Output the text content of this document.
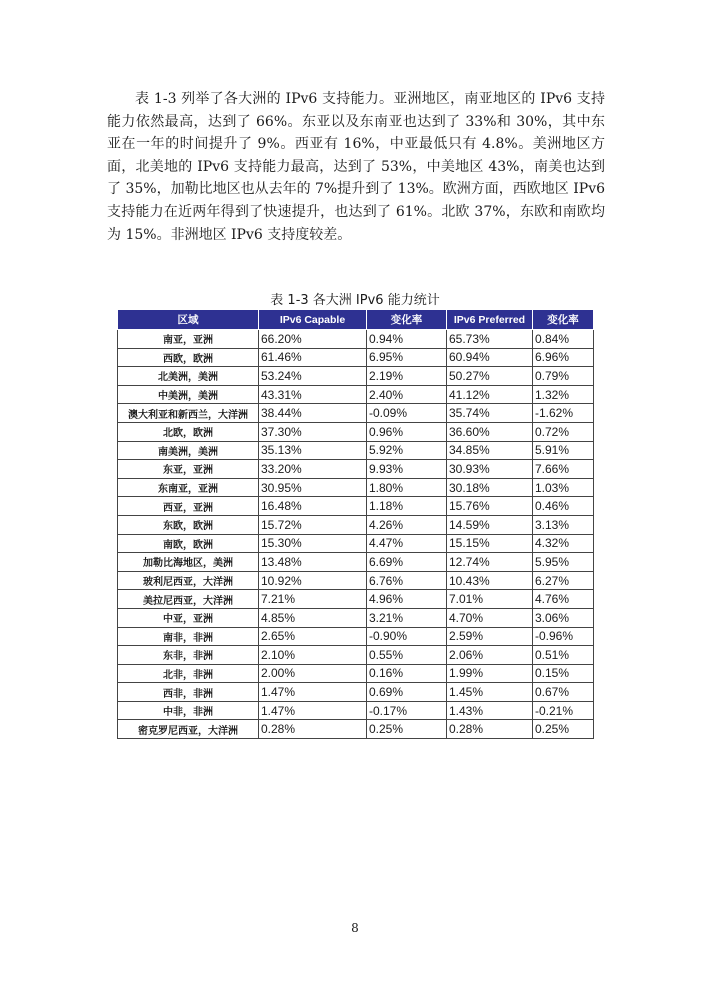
表 1-3 列举了各大洲的 IPv6 支持能力。亚洲地区，南亚地区的 IPv6 支持能力依然最高，达到了 66%。东亚以及东南亚也达到了 33%和 30%，其中东亚在一年的时间提升了 9%。西亚有 16%，中亚最低只有 4.8%。美洲地区方面，北美地的 IPv6 支持能力最高，达到了 53%，中美地区 43%，南美也达到了 35%，加勒比地区也从去年的 7%提升到了 13%。欧洲方面，西欧地区 IPv6 支持能力在近两年得到了快速提升，也达到了 61%。北欧 37%，东欧和南欧均为 15%。非洲地区 IPv6 支持度较差。

表 1-3 各大洲 IPv6 能力统计

区域	IPv6 Capable	变化率	IPv6 Preferred	变化率
南亚，亚洲	66.20%	0.94%	65.73%	0.84%
西欧，欧洲	61.46%	6.95%	60.94%	6.96%
北美洲，美洲	53.24%	2.19%	50.27%	0.79%
中美洲，美洲	43.31%	2.40%	41.12%	1.32%
澳大利亚和新西兰，大洋洲	38.44%	-0.09%	35.74%	-1.62%
北欧，欧洲	37.30%	0.96%	36.60%	0.72%
南美洲，美洲	35.13%	5.92%	34.85%	5.91%
东亚，亚洲	33.20%	9.93%	30.93%	7.66%
东南亚，亚洲	30.95%	1.80%	30.18%	1.03%
西亚，亚洲	16.48%	1.18%	15.76%	0.46%
东欧，欧洲	15.72%	4.26%	14.59%	3.13%
南欧，欧洲	15.30%	4.47%	15.15%	4.32%
加勒比海地区，美洲	13.48%	6.69%	12.74%	5.95%
玻利尼西亚，大洋洲	10.92%	6.76%	10.43%	6.27%
美拉尼西亚，大洋洲	7.21%	4.96%	7.01%	4.76%
中亚，亚洲	4.85%	3.21%	4.70%	3.06%
南非，非洲	2.65%	-0.90%	2.59%	-0.96%
东非，非洲	2.10%	0.55%	2.06%	0.51%
北非，非洲	2.00%	0.16%	1.99%	0.15%
西非，非洲	1.47%	0.69%	1.45%	0.67%
中非，非洲	1.47%	-0.17%	1.43%	-0.21%
密克罗尼西亚，大洋洲	0.28%	0.25%	0.28%	0.25%

8
